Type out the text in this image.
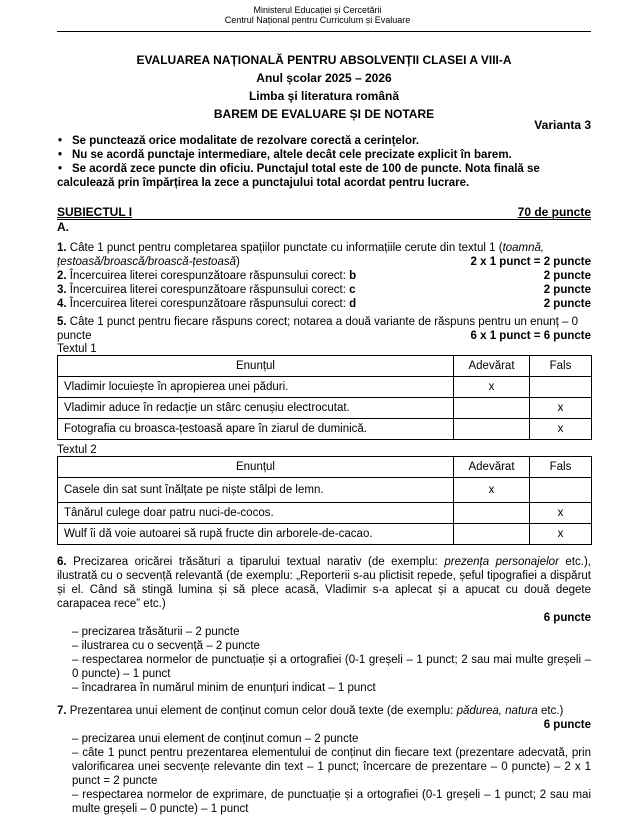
Ministerul Educației și Cercetării
Centrul Național pentru Curriculum și Evaluare
EVALUAREA NAȚIONALĂ PENTRU ABSOLVENȚII CLASEI A VIII-A
Anul școlar 2025 – 2026
Limba şi literatura română
BAREM DE EVALUARE ȘI DE NOTARE
Varianta 3
• Se punctează orice modalitate de rezolvare corectă a cerințelor.
• Nu se acordă punctaje intermediare, altele decât cele precizate explicit în barem.
• Se acordă zece puncte din oficiu. Punctajul total este de 100 de puncte. Nota finală se
calculează prin împărțirea la zece a punctajului total acordat pentru lucrare.
SUBIECTUL I	70 de puncte
A.
1. Câte 1 punct pentru completarea spațiilor punctate cu informațiile cerute din textul 1 (toamnă,
țestoasă/broască/broască-țestoasă)	2 x 1 punct = 2 puncte
2. Încercuirea literei corespunzătoare răspunsului corect: b	2 puncte
3. Încercuirea literei corespunzătoare răspunsului corect: c	2 puncte
4. Încercuirea literei corespunzătoare răspunsului corect: d	2 puncte
5. Câte 1 punct pentru fiecare răspuns corect; notarea a două variante de răspuns pentru un enunț – 0
puncte	6 x 1 punct = 6 puncte
Textul 1
Enunțul	Adevărat	Fals
Vladimir locuiește în apropierea unei păduri.	x	
Vladimir aduce în redacție un stârc cenușiu electrocutat.		x
Fotografia cu broasca-țestoasă apare în ziarul de duminică.		x
Textul 2
Enunțul	Adevărat	Fals
Casele din sat sunt înălțate pe niște stâlpi de lemn.	x	
Tânărul culege doar patru nuci-de-cocos.		x
Wulf îi dă voie autoarei să rupă fructe din arborele-de-cacao.		x
6. Precizarea oricărei trăsături a tiparului textual narativ (de exemplu: prezența personajelor etc.), ilustrată cu o secvență relevantă (de exemplu: „Reporterii s-au plictisit repede, șeful tipografiei a dispărut și el. Când să stingă lumina și să plece acasă, Vladimir s-a aplecat și a apucat cu două degete carapacea rece” etc.)
6 puncte
– precizarea trăsăturii – 2 puncte
– ilustrarea cu o secvență – 2 puncte
– respectarea normelor de punctuație și a ortografiei (0-1 greșeli – 1 punct; 2 sau mai multe greșeli – 0 puncte) – 1 punct
– încadrarea în numărul minim de enunțuri indicat – 1 punct
7. Prezentarea unui element de conținut comun celor două texte (de exemplu: pădurea, natura etc.)
6 puncte
– precizarea unui element de conținut comun – 2 puncte
– câte 1 punct pentru prezentarea elementului de conținut din fiecare text (prezentare adecvată, prin valorificarea unei secvențe relevante din text – 1 punct; încercare de prezentare – 0 puncte) – 2 x 1 punct = 2 puncte
– respectarea normelor de exprimare, de punctuație și a ortografiei (0-1 greșeli – 1 punct; 2 sau mai multe greșeli – 0 puncte) – 1 punct
